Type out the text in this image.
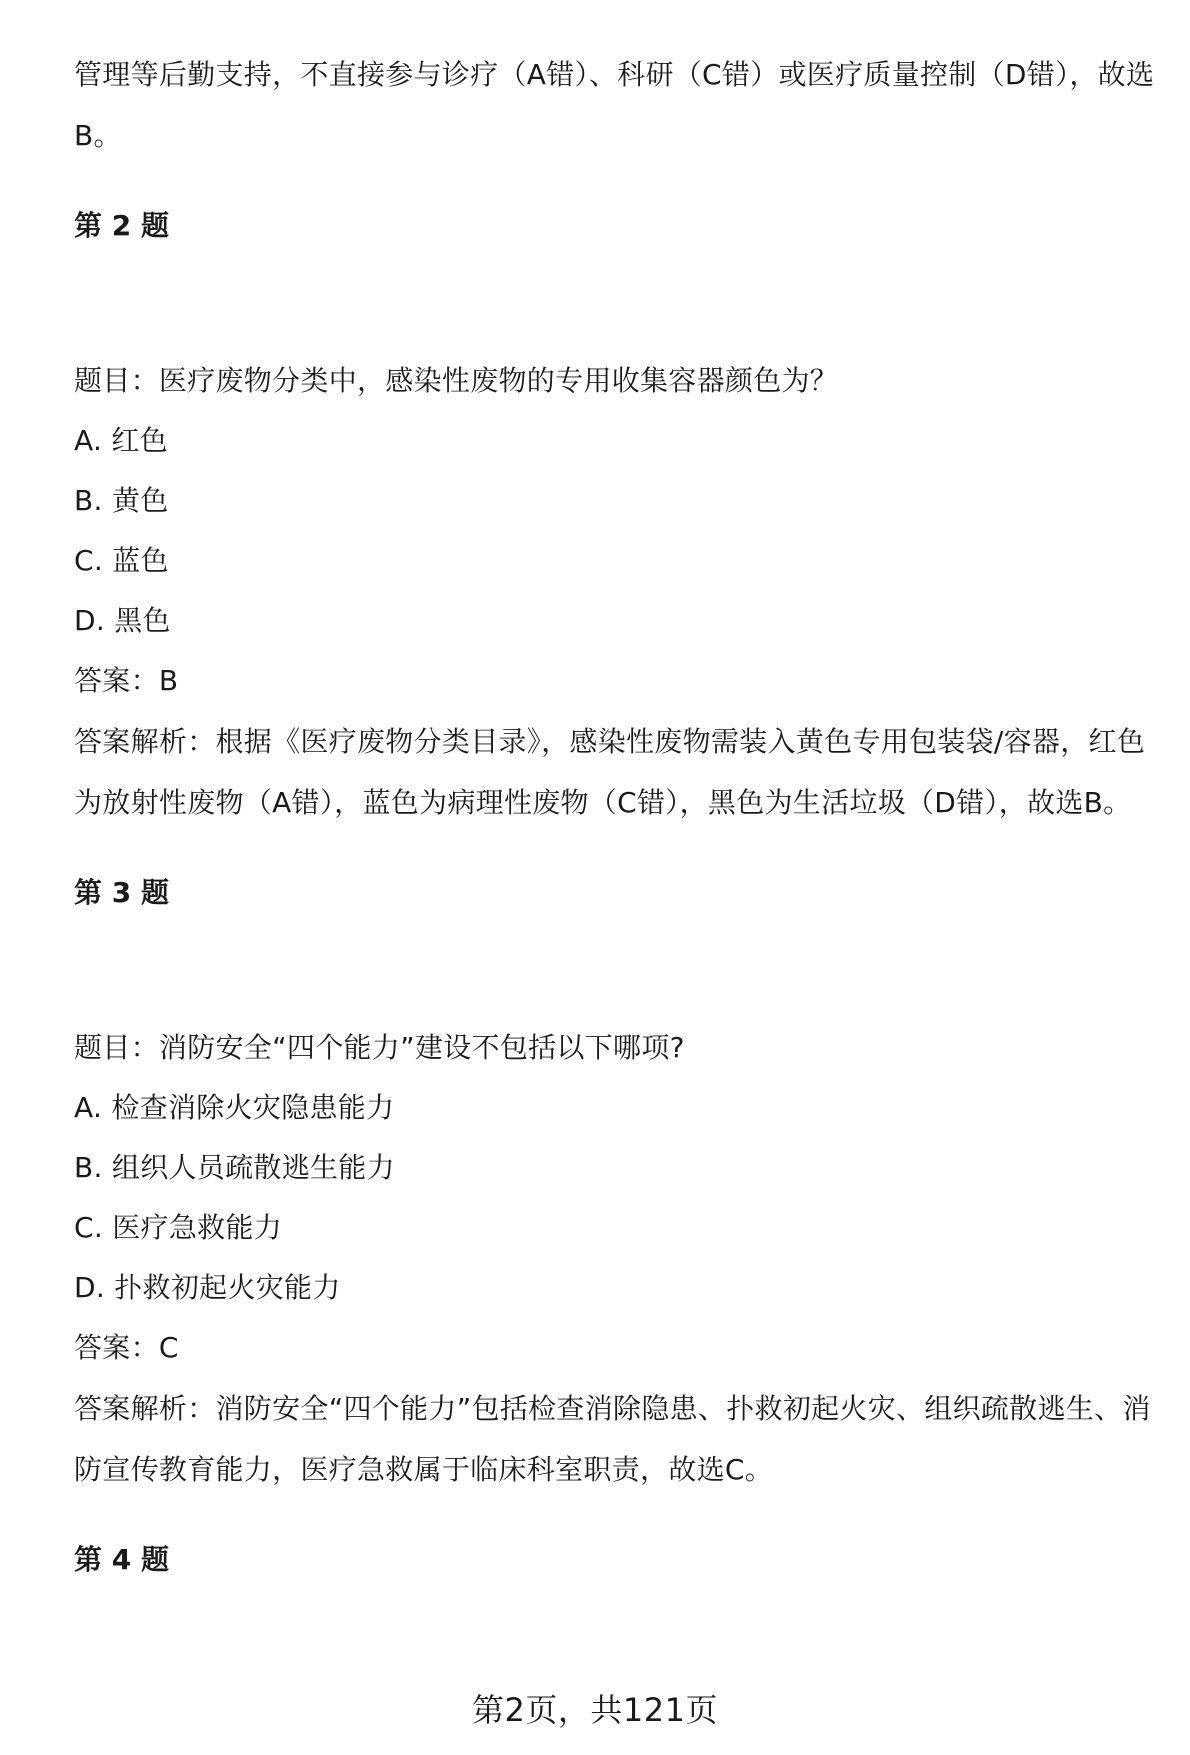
管理等后勤支持，不直接参与诊疗（A错）、科研（C错）或医疗质量控制（D错），故选B。
第 2 题
题目：医疗废物分类中，感染性废物的专用收集容器颜色为？
A. 红色
B. 黄色
C. 蓝色
D. 黑色
答案：B
答案解析：根据《医疗废物分类目录》，感染性废物需装入黄色专用包装袋/容器，红色为放射性废物（A错），蓝色为病理性废物（C错），黑色为生活垃圾（D错），故选B。
第 3 题
题目：消防安全“四个能力”建设不包括以下哪项?
A. 检查消除火灾隐患能力
B. 组织人员疏散逃生能力
C. 医疗急救能力
D. 扑救初起火灾能力
答案：C
答案解析：消防安全“四个能力”包括检查消除隐患、扑救初起火灾、组织疏散逃生、消防宣传教育能力，医疗急救属于临床科室职责，故选C。
第 4 题
第2页，共121页
